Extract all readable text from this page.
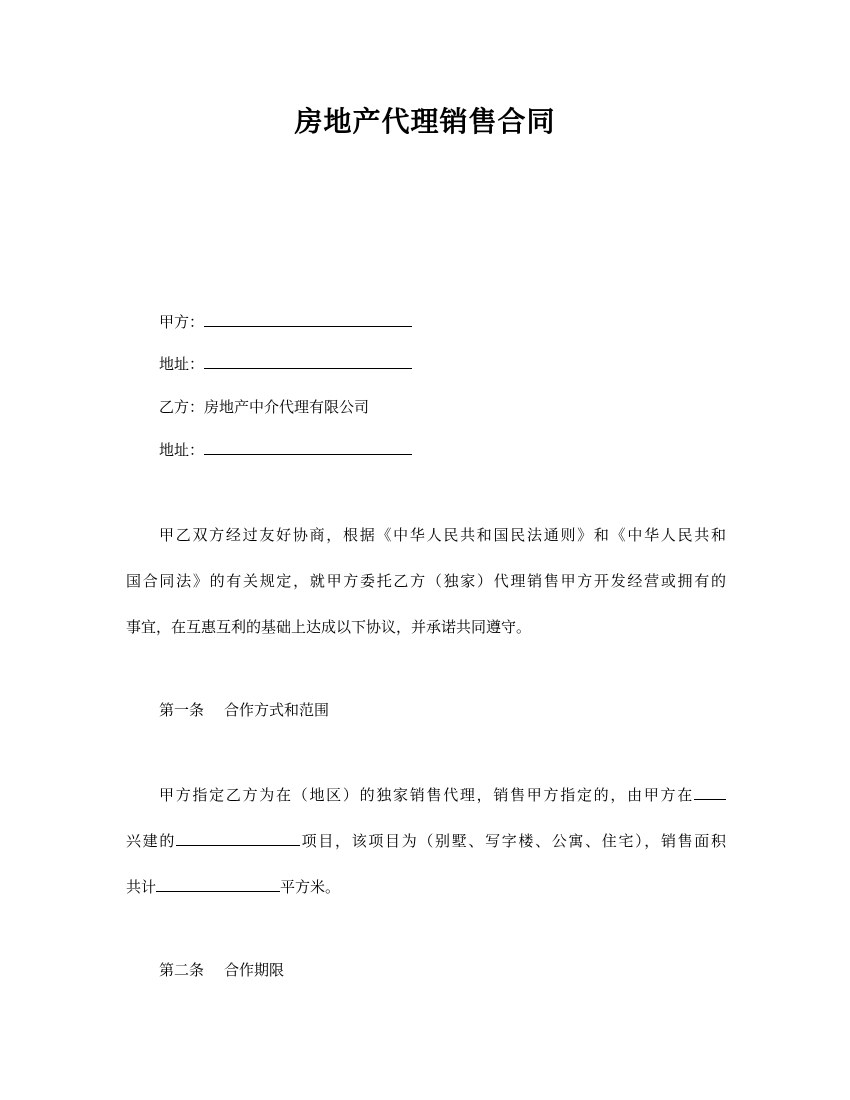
房地产代理销售合同
甲方：
地址：
乙方：房地产中介代理有限公司
地址：
甲乙双方经过友好协商，根据《中华人民共和国民法通则》和《中华人民共和
国合同法》的有关规定，就甲方委托乙方（独家）代理销售甲方开发经营或拥有的
事宜，在互惠互利的基础上达成以下协议，并承诺共同遵守。
第一条 合作方式和范围
甲方指定乙方为在（地区）的独家销售代理，销售甲方指定的，由甲方在
兴建的	项目，该项目为（别墅、写字楼、公寓、住宅），销售面积
共计	平方米。
第二条 合作期限
